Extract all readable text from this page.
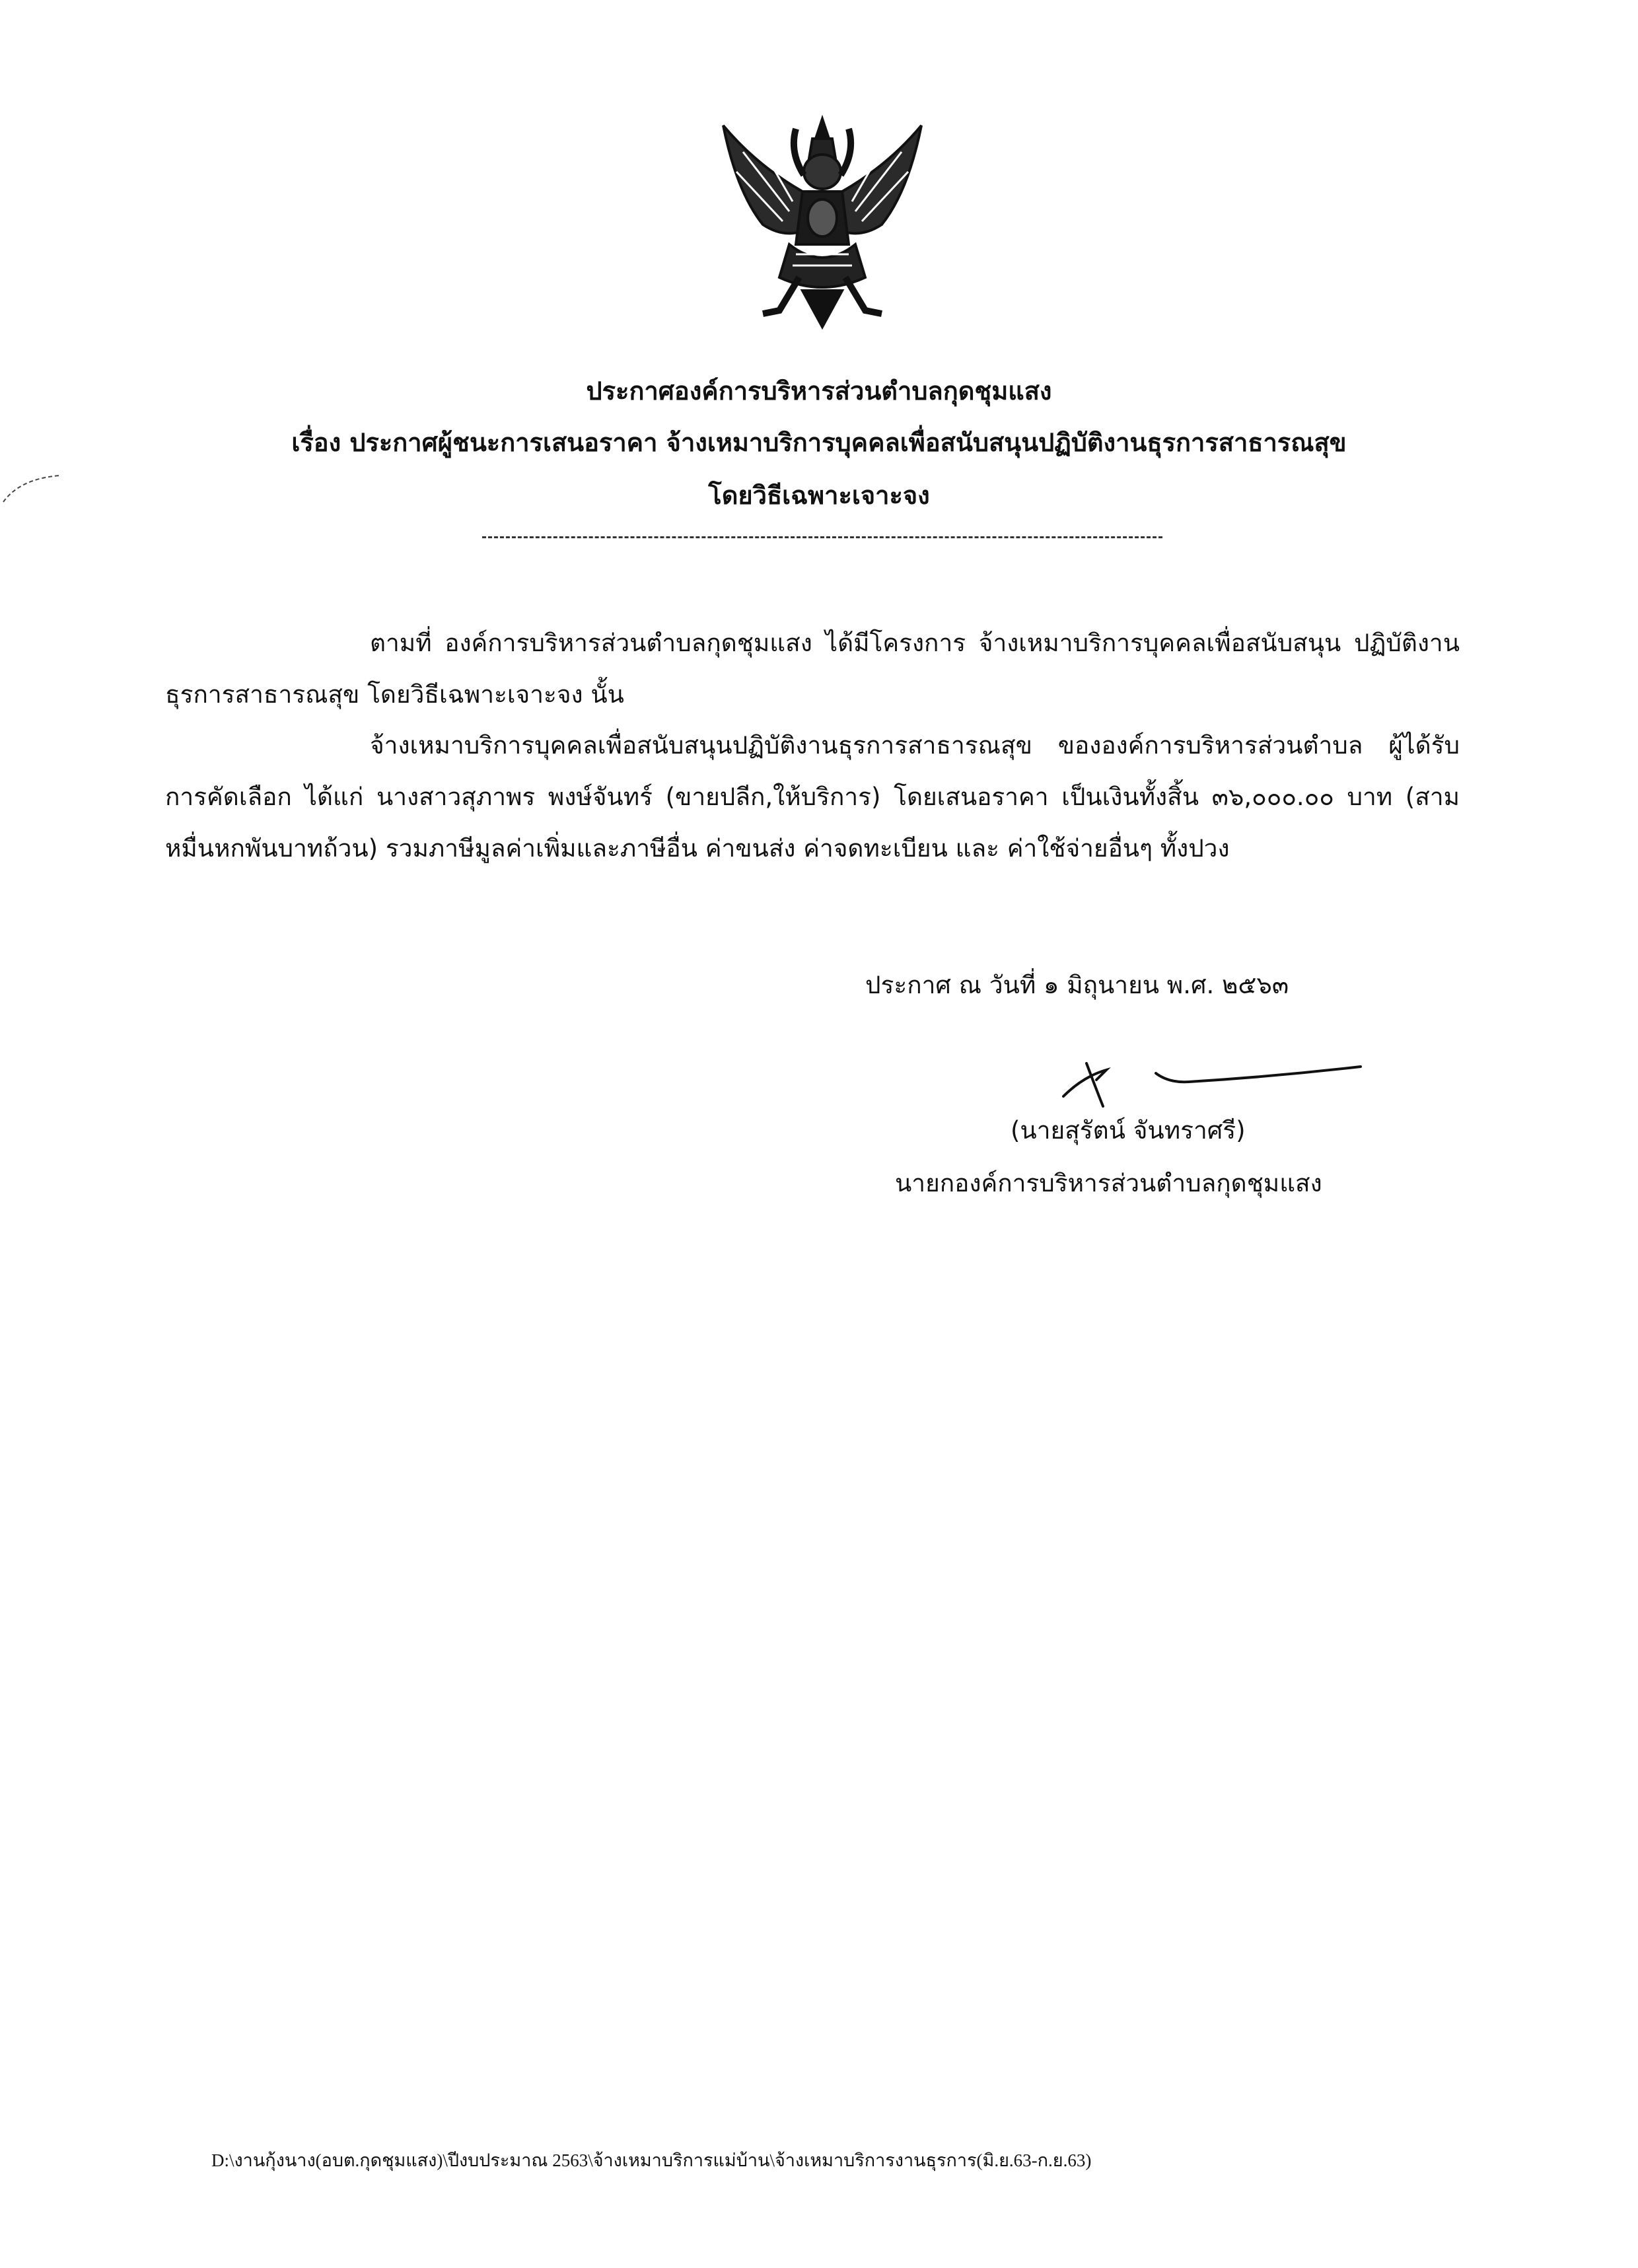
ประกาศองค์การบริหารส่วนตำบลกุดชุมแสง
เรื่อง ประกาศผู้ชนะการเสนอราคา จ้างเหมาบริการบุคคลเพื่อสนับสนุนปฏิบัติงานธุรการสาธารณสุข
โดยวิธีเฉพาะเจาะจง
ตามที่ องค์การบริหารส่วนตำบลกุดชุมแสง ได้มีโครงการ จ้างเหมาบริการบุคคลเพื่อสนับสนุน ปฏิบัติงานธุรการสาธารณสุข โดยวิธีเฉพาะเจาะจง นั้น
จ้างเหมาบริการบุคคลเพื่อสนับสนุนปฏิบัติงานธุรการสาธารณสุข ขององค์การบริหารส่วนตำบล ผู้ได้รับการคัดเลือก ได้แก่ นางสาวสุภาพร พงษ์จันทร์ (ขายปลีก,ให้บริการ) โดยเสนอราคา เป็นเงินทั้งสิ้น ๓๖,๐๐๐.๐๐ บาท (สามหมื่นหกพันบาทถ้วน) รวมภาษีมูลค่าเพิ่มและภาษีอื่น ค่าขนส่ง ค่าจดทะเบียน และ ค่าใช้จ่ายอื่นๆ ทั้งปวง
ประกาศ ณ วันที่ ๑ มิถุนายน พ.ศ. ๒๕๖๓
(นายสุรัตน์ จันทราศรี)
นายกองค์การบริหารส่วนตำบลกุดชุมแสง
D:\งานกุ้งนาง(อบต.กุดชุมแสง)\ปีงบประมาณ 2563\จ้างเหมาบริการแม่บ้าน\จ้างเหมาบริการงานธุรการ(มิ.ย.63-ก.ย.63)
